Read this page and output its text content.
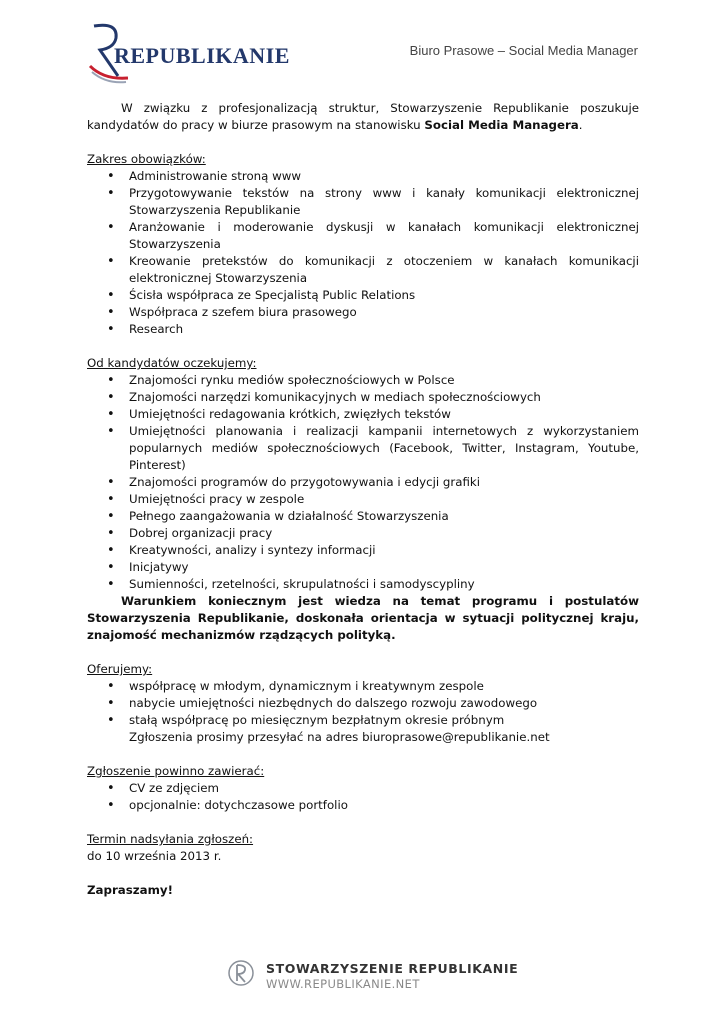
REPUBLIKANIE	Biuro Prasowe – Social Media Manager

W związku z profesjonalizacją struktur, Stowarzyszenie Republikanie poszukuje kandydatów do pracy w biurze prasowym na stanowisku Social Media Managera.

Zakres obowiązków:

• Administrowanie stroną www
• Przygotowywanie tekstów na strony www i kanały komunikacji elektronicznej Stowarzyszenia Republikanie
• Aranżowanie i moderowanie dyskusji w kanałach komunikacji elektronicznej Stowarzyszenia
• Kreowanie pretekstów do komunikacji z otoczeniem w kanałach komunikacji elektronicznej Stowarzyszenia
• Ścisła współpraca ze Specjalistą Public Relations
• Współpraca z szefem biura prasowego
• Research

Od kandydatów oczekujemy:

• Znajomości rynku mediów społecznościowych w Polsce
• Znajomości narzędzi komunikacyjnych w mediach społecznościowych
• Umiejętności redagowania krótkich, zwięzłych tekstów
• Umiejętności planowania i realizacji kampanii internetowych z wykorzystaniem popularnych mediów społecznościowych (Facebook, Twitter, Instagram, Youtube, Pinterest)
• Znajomości programów do przygotowywania i edycji grafiki
• Umiejętności pracy w zespole
• Pełnego zaangażowania w działalność Stowarzyszenia
• Dobrej organizacji pracy
• Kreatywności, analizy i syntezy informacji
• Inicjatywy
• Sumienności, rzetelności, skrupulatności i samodyscypliny

Warunkiem koniecznym jest wiedza na temat programu i postulatów Stowarzyszenia Republikanie, doskonała orientacja w sytuacji politycznej kraju, znajomość mechanizmów rządzących polityką.

Oferujemy:

• współpracę w młodym, dynamicznym i kreatywnym zespole
• nabycie umiejętności niezbędnych do dalszego rozwoju zawodowego
• stałą współpracę po miesięcznym bezpłatnym okresie próbnym

Zgłoszenia prosimy przesyłać na adres biuroprasowe@republikanie.net

Zgłoszenie powinno zawierać:

• CV ze zdjęciem
• opcjonalnie: dotychczasowe portfolio

Termin nadsyłania zgłoszeń:

do 10 września 2013 r.

Zapraszamy!

STOWARZYSZENIE REPUBLIKANIE
WWW.REPUBLIKANIE.NET
